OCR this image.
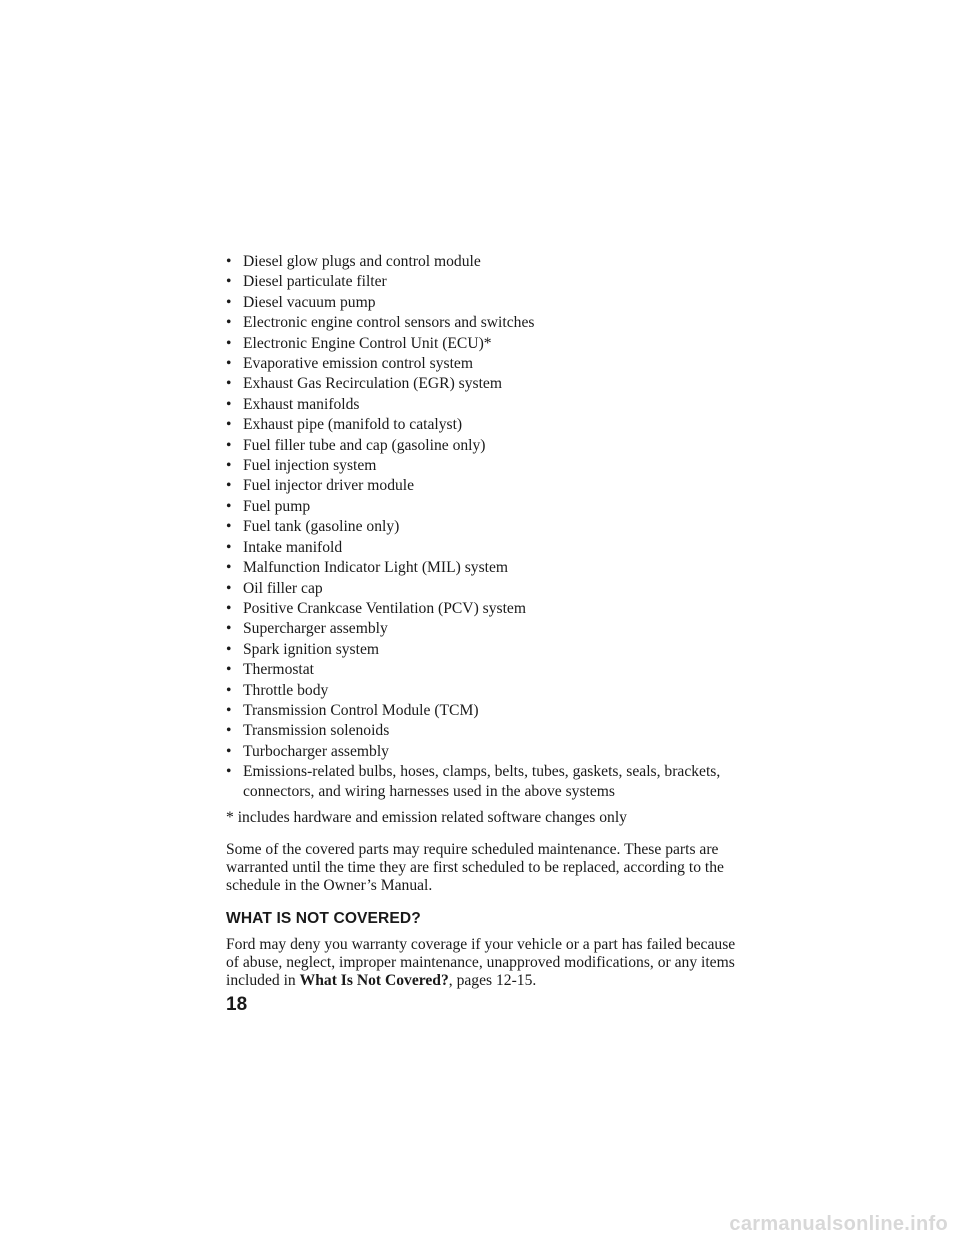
• Diesel glow plugs and control module
• Diesel particulate filter
• Diesel vacuum pump
• Electronic engine control sensors and switches
• Electronic Engine Control Unit (ECU)*
• Evaporative emission control system
• Exhaust Gas Recirculation (EGR) system
• Exhaust manifolds
• Exhaust pipe (manifold to catalyst)
• Fuel filler tube and cap (gasoline only)
• Fuel injection system
• Fuel injector driver module
• Fuel pump
• Fuel tank (gasoline only)
• Intake manifold
• Malfunction Indicator Light (MIL) system
• Oil filler cap
• Positive Crankcase Ventilation (PCV) system
• Supercharger assembly
• Spark ignition system
• Thermostat
• Throttle body
• Transmission Control Module (TCM)
• Transmission solenoids
• Turbocharger assembly
• Emissions-related bulbs, hoses, clamps, belts, tubes, gaskets, seals, brackets, connectors, and wiring harnesses used in the above systems
* includes hardware and emission related software changes only
Some of the covered parts may require scheduled maintenance. These parts are warranted until the time they are first scheduled to be replaced, according to the schedule in the Owner’s Manual.
WHAT IS NOT COVERED?
Ford may deny you warranty coverage if your vehicle or a part has failed because of abuse, neglect, improper maintenance, unapproved modifications, or any items included in What Is Not Covered?, pages 12-15.
18
carmanualsonline.info
